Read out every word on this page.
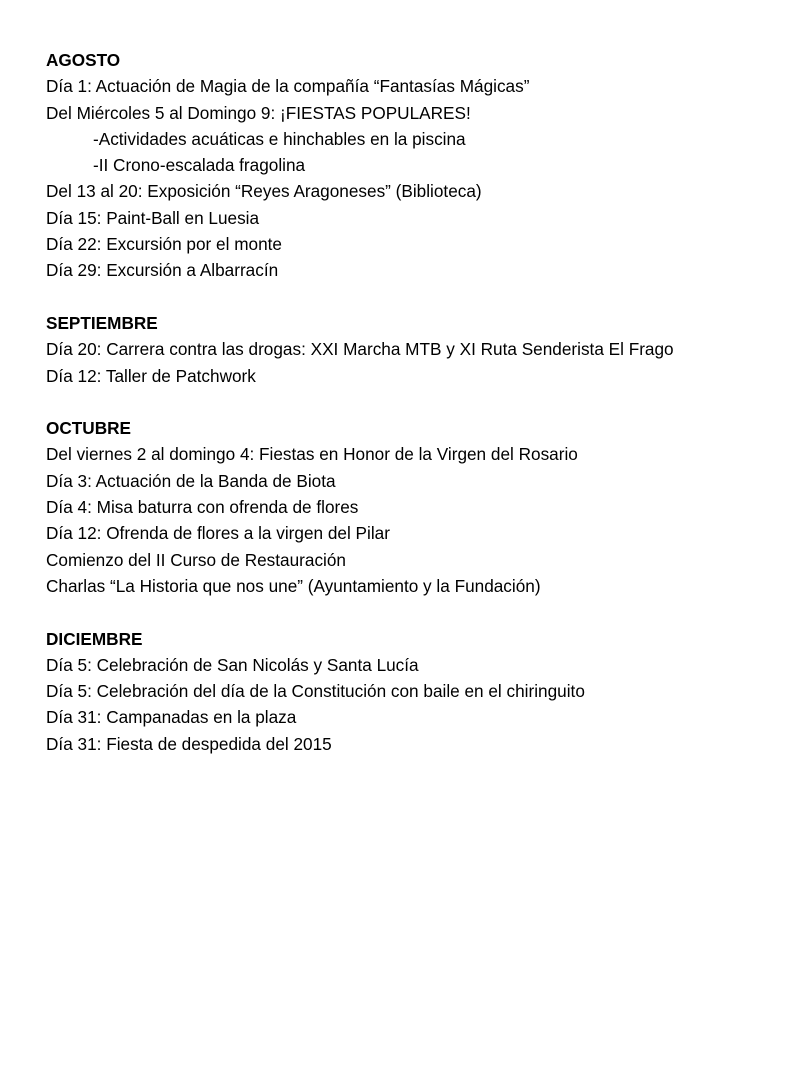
AGOSTO
Día 1: Actuación de Magia de la compañía “Fantasías Mágicas”
Del Miércoles 5 al Domingo 9: ¡FIESTAS POPULARES!
-Actividades acuáticas e hinchables en la piscina
-II Crono-escalada fragolina
Del 13 al 20: Exposición “Reyes Aragoneses” (Biblioteca)
Día 15: Paint-Ball en Luesia
Día 22: Excursión por el monte
Día 29: Excursión a Albarracín
SEPTIEMBRE
Día 20: Carrera contra las drogas: XXI Marcha MTB y XI Ruta Senderista El Frago
Día 12: Taller de Patchwork
OCTUBRE
Del viernes 2 al domingo 4: Fiestas en Honor de la Virgen del Rosario
Día 3: Actuación de la Banda de Biota
Día 4: Misa baturra con ofrenda de flores
Día 12: Ofrenda de flores a la virgen del Pilar
Comienzo del II Curso de Restauración
Charlas “La Historia que nos une” (Ayuntamiento y la Fundación)
DICIEMBRE
Día 5: Celebración de San Nicolás y Santa Lucía
Día 5: Celebración del día de la Constitución con baile en el chiringuito
Día 31: Campanadas en la plaza
Día 31: Fiesta de despedida del 2015
